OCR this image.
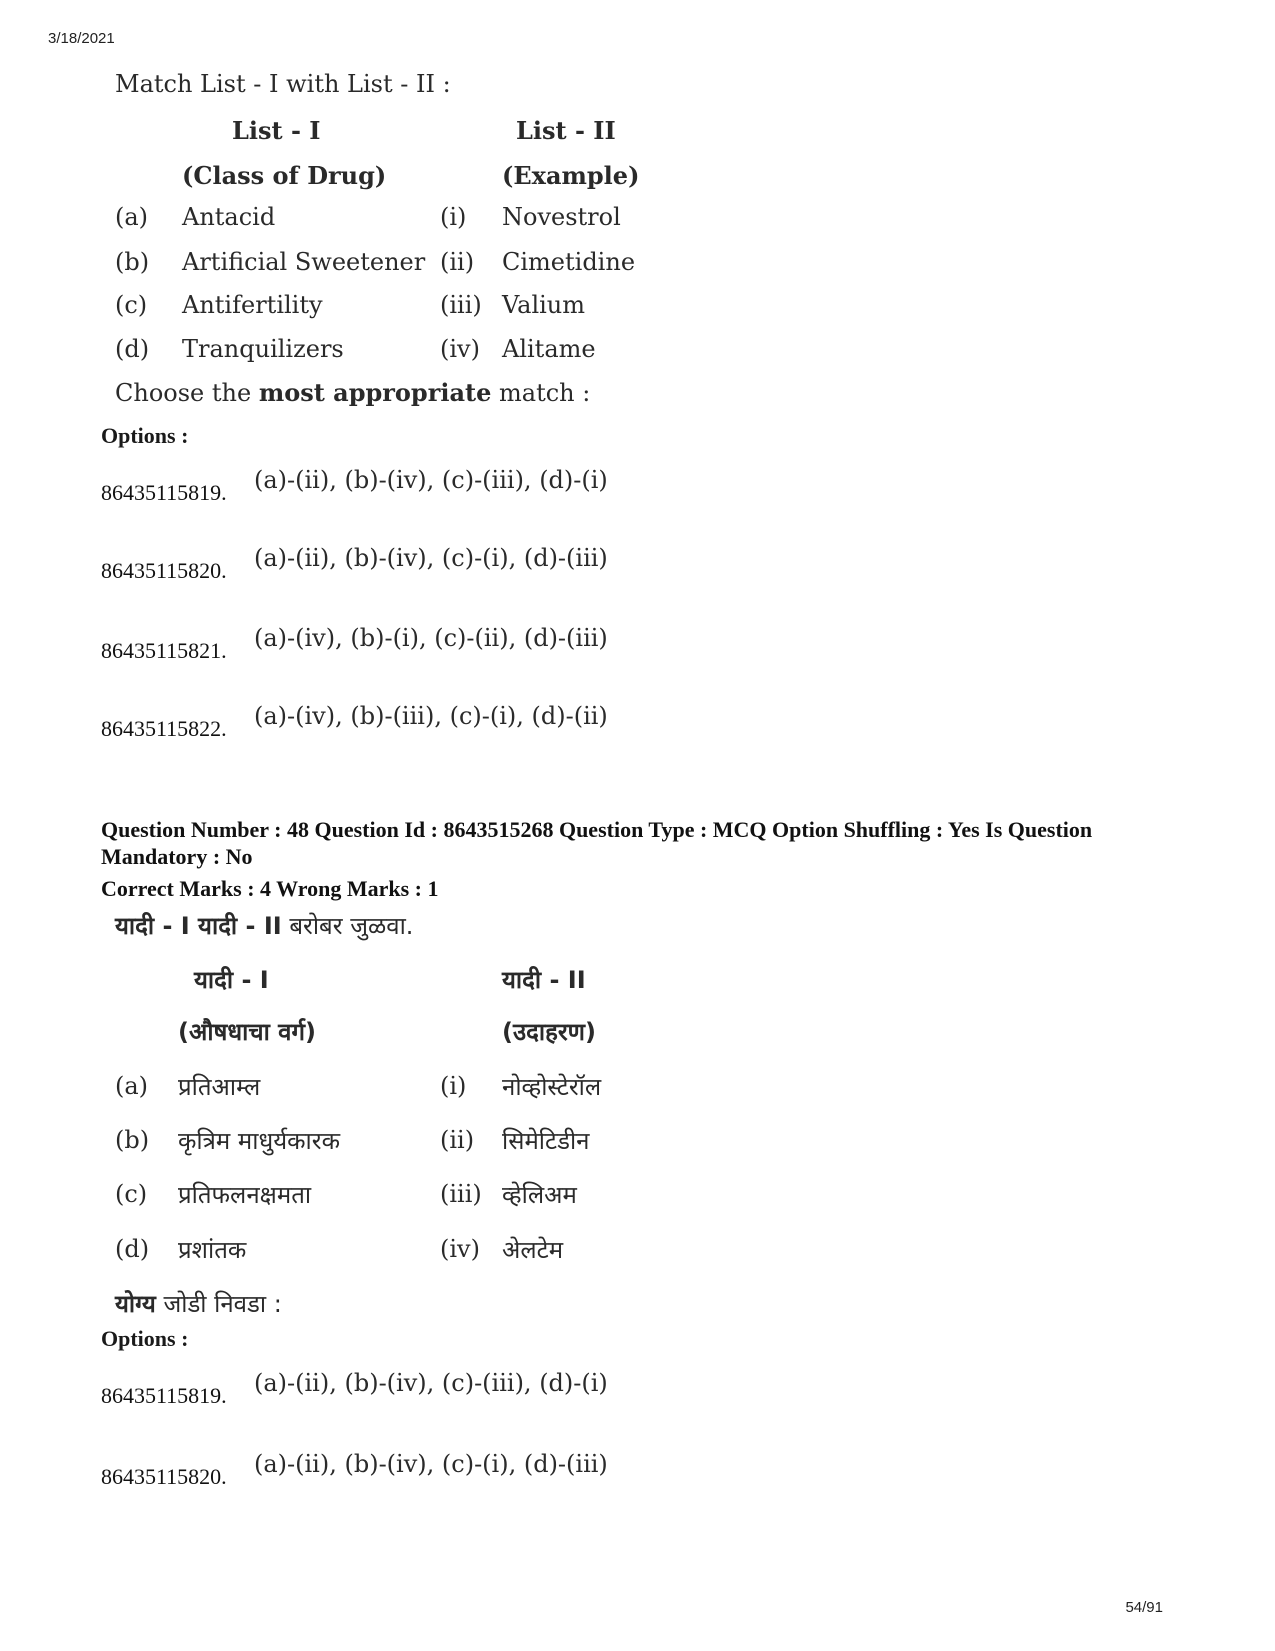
3/18/2021
Match List - I with List - II :
List - I	List - II
(Class of Drug)	(Example)
(a) Antacid	(i) Novestrol
(b) Artificial Sweetener (ii) Cimetidine
(c) Antifertility	(iii) Valium
(d) Tranquilizers	(iv) Alitame
Choose the most appropriate match :
Options :
86435115819. (a)-(ii), (b)-(iv), (c)-(iii), (d)-(i)
86435115820. (a)-(ii), (b)-(iv), (c)-(i), (d)-(iii)
86435115821. (a)-(iv), (b)-(i), (c)-(ii), (d)-(iii)
86435115822. (a)-(iv), (b)-(iii), (c)-(i), (d)-(ii)
Question Number : 48 Question Id : 8643515268 Question Type : MCQ Option Shuffling : Yes Is Question Mandatory : No
Correct Marks : 4 Wrong Marks : 1
यादी - I यादी - II बरोबर जुळवा.
यादी - I	यादी - II
(औषधाचा वर्ग)	(उदाहरण)
(a) प्रतिआम्ल	(i) नोव्होस्टेरॉल
(b) कृत्रिम माधुर्यकारक	(ii) सिमेटिडीन
(c) प्रतिफलनक्षमता	(iii) व्हेलिअम
(d) प्रशांतक	(iv) अेलटेम
योग्य जोडी निवडा :
Options :
86435115819. (a)-(ii), (b)-(iv), (c)-(iii), (d)-(i)
86435115820. (a)-(ii), (b)-(iv), (c)-(i), (d)-(iii)
54/91
